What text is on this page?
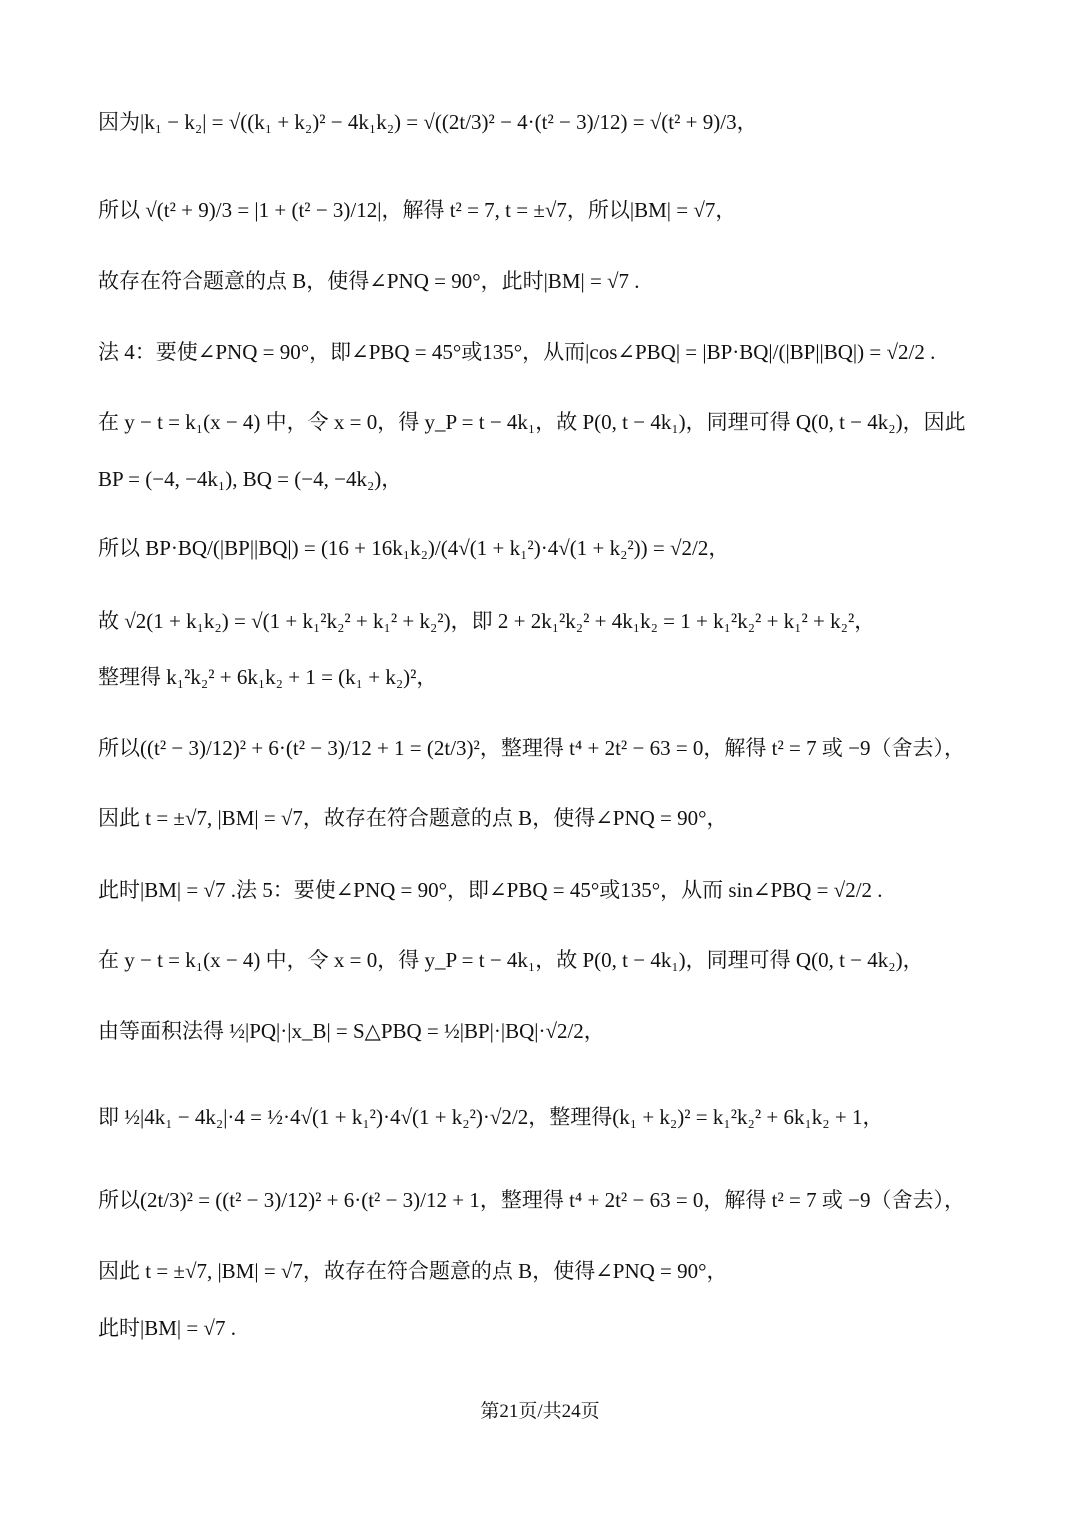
因为|k₁ − k₂| = √((k₁ + k₂)² − 4k₁k₂) = √((2t/3)² − 4·(t² − 3)/12) = √(t² + 9)/3，
所以 √(t² + 9)/3 = |1 + (t² − 3)/12|，解得 t² = 7, t = ±√7，所以|BM| = √7，
故存在符合题意的点 B，使得∠PNQ = 90°，此时|BM| = √7 .
法 4：要使∠PNQ = 90°，即∠PBQ = 45°或135°，从而|cos∠PBQ| = |BP·BQ|/(|BP||BQ|) = √2/2 .
在 y − t = k₁(x − 4) 中，令 x = 0，得 y_P = t − 4k₁，故 P(0, t − 4k₁)，同理可得 Q(0, t − 4k₂)，因此
BP = (−4, −4k₁), BQ = (−4, −4k₂)，
所以 BP·BQ/(|BP||BQ|) = (16 + 16k₁k₂)/(4√(1 + k₁²)·4√(1 + k₂²)) = √2/2，
故 √2(1 + k₁k₂) = √(1 + k₁²k₂² + k₁² + k₂²)，即 2 + 2k₁²k₂² + 4k₁k₂ = 1 + k₁²k₂² + k₁² + k₂²，
整理得 k₁²k₂² + 6k₁k₂ + 1 = (k₁ + k₂)²，
所以((t² − 3)/12)² + 6·(t² − 3)/12 + 1 = (2t/3)²，整理得 t⁴ + 2t² − 63 = 0，解得 t² = 7 或 −9（舍去），
因此 t = ±√7, |BM| = √7，故存在符合题意的点 B，使得∠PNQ = 90°，
此时|BM| = √7 .法 5：要使∠PNQ = 90°，即∠PBQ = 45°或135°，从而 sin∠PBQ = √2/2 .
在 y − t = k₁(x − 4) 中，令 x = 0，得 y_P = t − 4k₁，故 P(0, t − 4k₁)，同理可得 Q(0, t − 4k₂)，
由等面积法得 ½|PQ|·|x_B| = S△PBQ = ½|BP|·|BQ|·√2/2，
即 ½|4k₁ − 4k₂|·4 = ½·4√(1 + k₁²)·4√(1 + k₂²)·√2/2，整理得(k₁ + k₂)² = k₁²k₂² + 6k₁k₂ + 1，
所以(2t/3)² = ((t² − 3)/12)² + 6·(t² − 3)/12 + 1，整理得 t⁴ + 2t² − 63 = 0，解得 t² = 7 或 −9（舍去），
因此 t = ±√7, |BM| = √7，故存在符合题意的点 B，使得∠PNQ = 90°，
此时|BM| = √7 .
第21页/共24页
